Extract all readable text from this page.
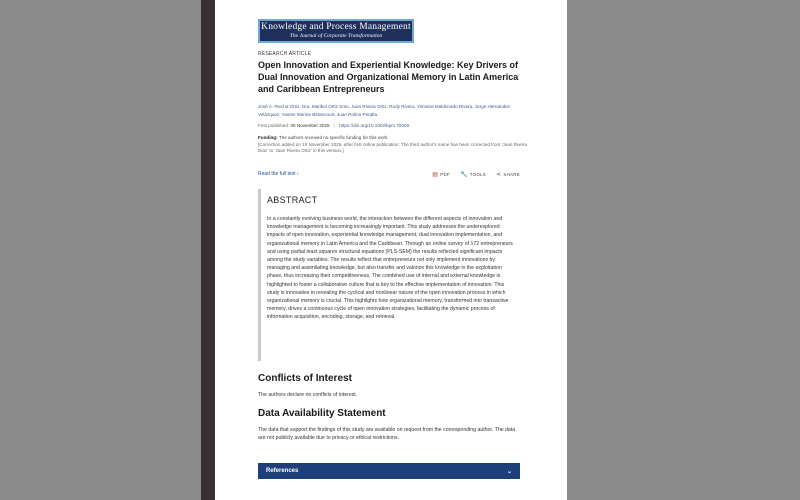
Knowledge and Process Management
The Journal of Corporate Transformation
RESEARCH ARTICLE
Open Innovation and Experiential Knowledge: Key Drivers of Dual Innovation and Organizational Memory in Latin America and Caribbean Entrepreneurs
José A. Piecha Ortiz, Dra. Maribel Ortiz Soto, Juan Rivera Ortiz, Rody Rivera, Yomaira Maldonado Rivera, Jorge Hernández Velázquez, Yasser Merine Betancourt, Juan Palmo Peralta
First published: 05 November 2025 | https://doi.org/10.1002/kpm.70009
Funding: The authors received no specific funding for this work.
[Correction added on 19 November 2025, after first online publication: The third author's name has been corrected from 'Juan Rivera Diaz' to 'Juan Rivera Ortiz' in this version.]
Read the full text ›	▤ PDF 🔧 TOOLS ⋖ SHARE
ABSTRACT

In a constantly evolving business world, the interaction between the different aspects of innovation and knowledge management is becoming increasingly important. This study addresses the underexplored impacts of open innovation, experiential knowledge management, dual innovation implementation, and organizational memory in Latin America and the Caribbean. Through an online survey of 172 entrepreneurs and using partial least squares structural equations (PLS-SEM) the results reflected significant impacts among the study variables. The results reflect that entrepreneurs not only implement innovations by managing and assimilating knowledge, but also transfer and valorize this knowledge in the exploitation phase, thus increasing their competitiveness. The combined use of internal and external knowledge is highlighted to foster a collaborative culture that is key to the effective implementation of innovation. This study is innovative in revealing the cyclical and nonlinear nature of the open innovation process in which organizational memory is crucial. This highlights how organizational memory, transformed into transactive memory, drives a continuous cycle of open innovation strategies, facilitating the dynamic process of information acquisition, encoding, storage, and retrieval.

Conflicts of Interest

The authors declare no conflicts of interest.

Data Availability Statement

The data that support the findings of this study are available on request from the corresponding author. The data are not publicly available due to privacy or ethical restrictions.

References	⌄
